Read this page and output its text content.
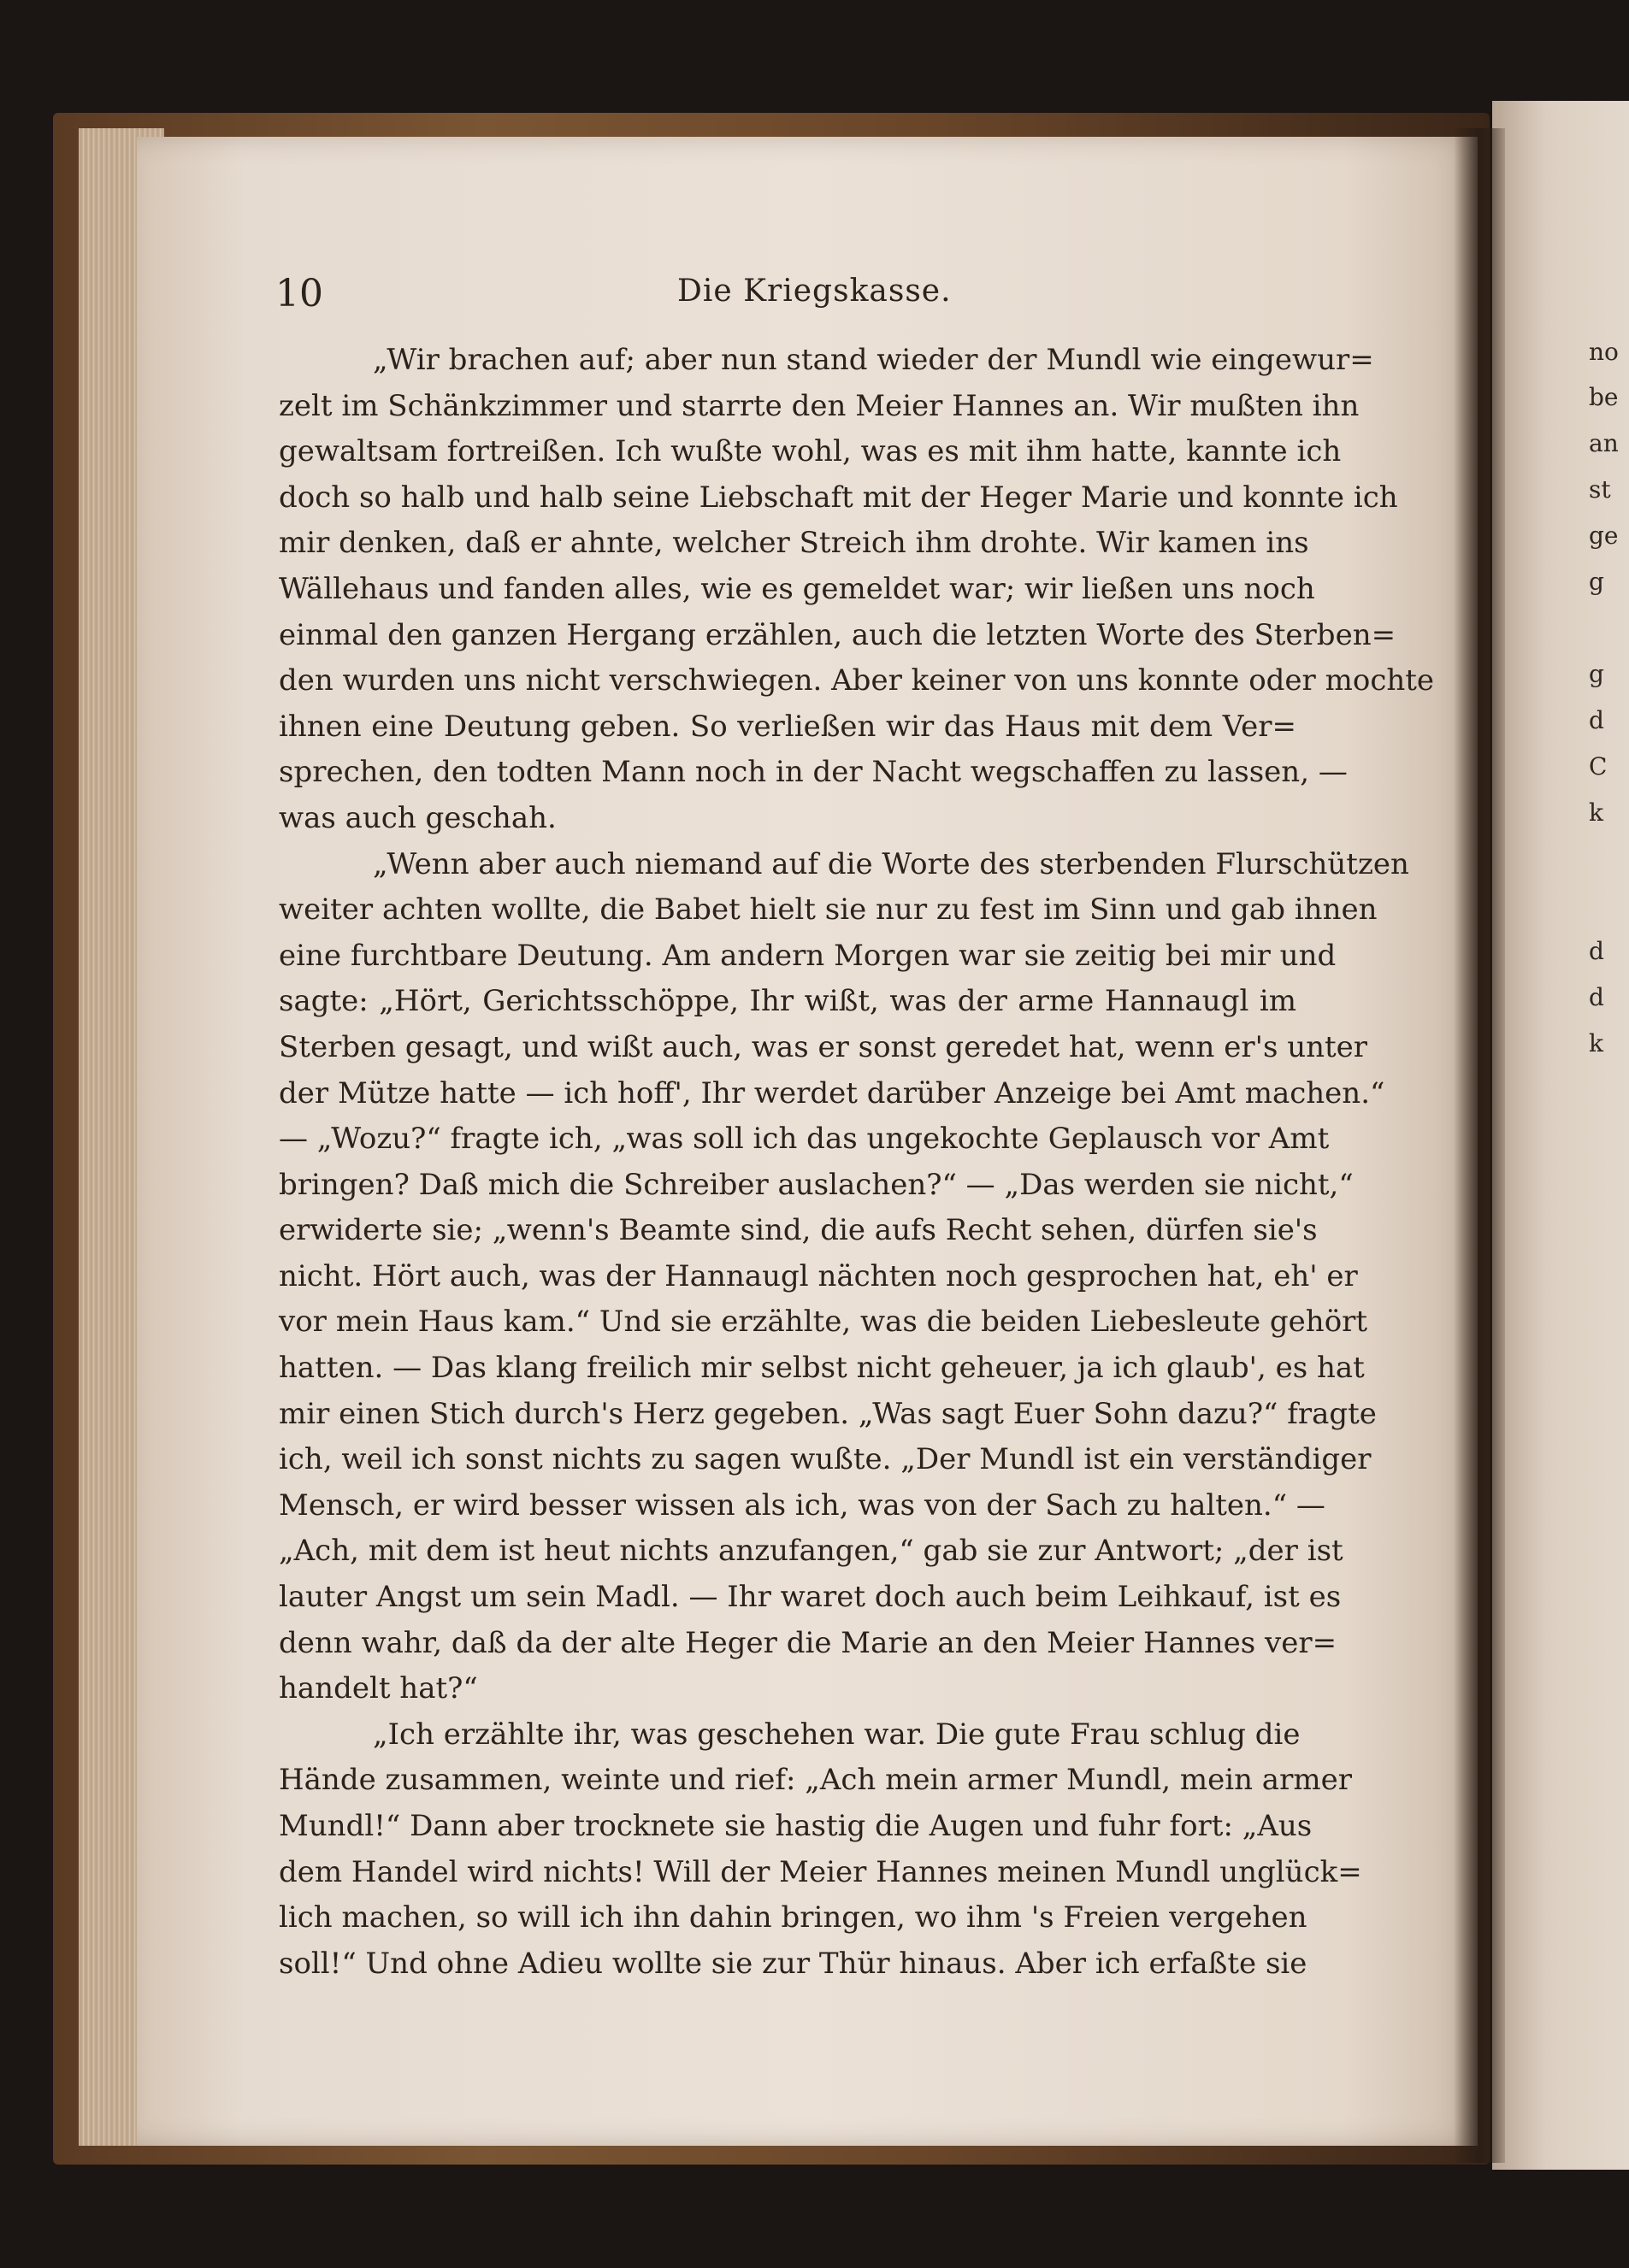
10	Die Kriegskasse.
„Wir brachen auf; aber nun stand wieder der Mundl wie eingewur=
zelt im Schänkzimmer und starrte den Meier Hannes an. Wir mußten ihn
gewaltsam fortreißen. Ich wußte wohl, was es mit ihm hatte, kannte ich
doch so halb und halb seine Liebschaft mit der Heger Marie und konnte ich
mir denken, daß er ahnte, welcher Streich ihm drohte. Wir kamen ins
Wällehaus und fanden alles, wie es gemeldet war; wir ließen uns noch
einmal den ganzen Hergang erzählen, auch die letzten Worte des Sterben=
den wurden uns nicht verschwiegen. Aber keiner von uns konnte oder mochte
ihnen eine Deutung geben. So verließen wir das Haus mit dem Ver=
sprechen, den todten Mann noch in der Nacht wegschaffen zu lassen, —
was auch geschah.
„Wenn aber auch niemand auf die Worte des sterbenden Flurschützen
weiter achten wollte, die Babet hielt sie nur zu fest im Sinn und gab ihnen
eine furchtbare Deutung. Am andern Morgen war sie zeitig bei mir und
sagte: „Hört, Gerichtsschöppe, Ihr wißt, was der arme Hannaugl im
Sterben gesagt, und wißt auch, was er sonst geredet hat, wenn er's unter
der Mütze hatte — ich hoff', Ihr werdet darüber Anzeige bei Amt machen.“
— „Wozu?“ fragte ich, „was soll ich das ungekochte Geplausch vor Amt
bringen? Daß mich die Schreiber auslachen?“ — „Das werden sie nicht,“
erwiderte sie; „wenn's Beamte sind, die aufs Recht sehen, dürfen sie's
nicht. Hört auch, was der Hannaugl nächten noch gesprochen hat, eh' er
vor mein Haus kam.“ Und sie erzählte, was die beiden Liebesleute gehört
hatten. — Das klang freilich mir selbst nicht geheuer, ja ich glaub', es hat
mir einen Stich durch's Herz gegeben. „Was sagt Euer Sohn dazu?“ fragte
ich, weil ich sonst nichts zu sagen wußte. „Der Mundl ist ein verständiger
Mensch, er wird besser wissen als ich, was von der Sach zu halten.“ —
„Ach, mit dem ist heut nichts anzufangen,“ gab sie zur Antwort; „der ist
lauter Angst um sein Madl. — Ihr waret doch auch beim Leihkauf, ist es
denn wahr, daß da der alte Heger die Marie an den Meier Hannes ver=
handelt hat?“
„Ich erzählte ihr, was geschehen war. Die gute Frau schlug die
Hände zusammen, weinte und rief: „Ach mein armer Mundl, mein armer
Mundl!“ Dann aber trocknete sie hastig die Augen und fuhr fort: „Aus
dem Handel wird nichts! Will der Meier Hannes meinen Mundl unglück=
lich machen, so will ich ihn dahin bringen, wo ihm 's Freien vergehen
soll!“ Und ohne Adieu wollte sie zur Thür hinaus. Aber ich erfaßte sie
no
be
an
st
ge
g
g
d
C
k
d
d
k
